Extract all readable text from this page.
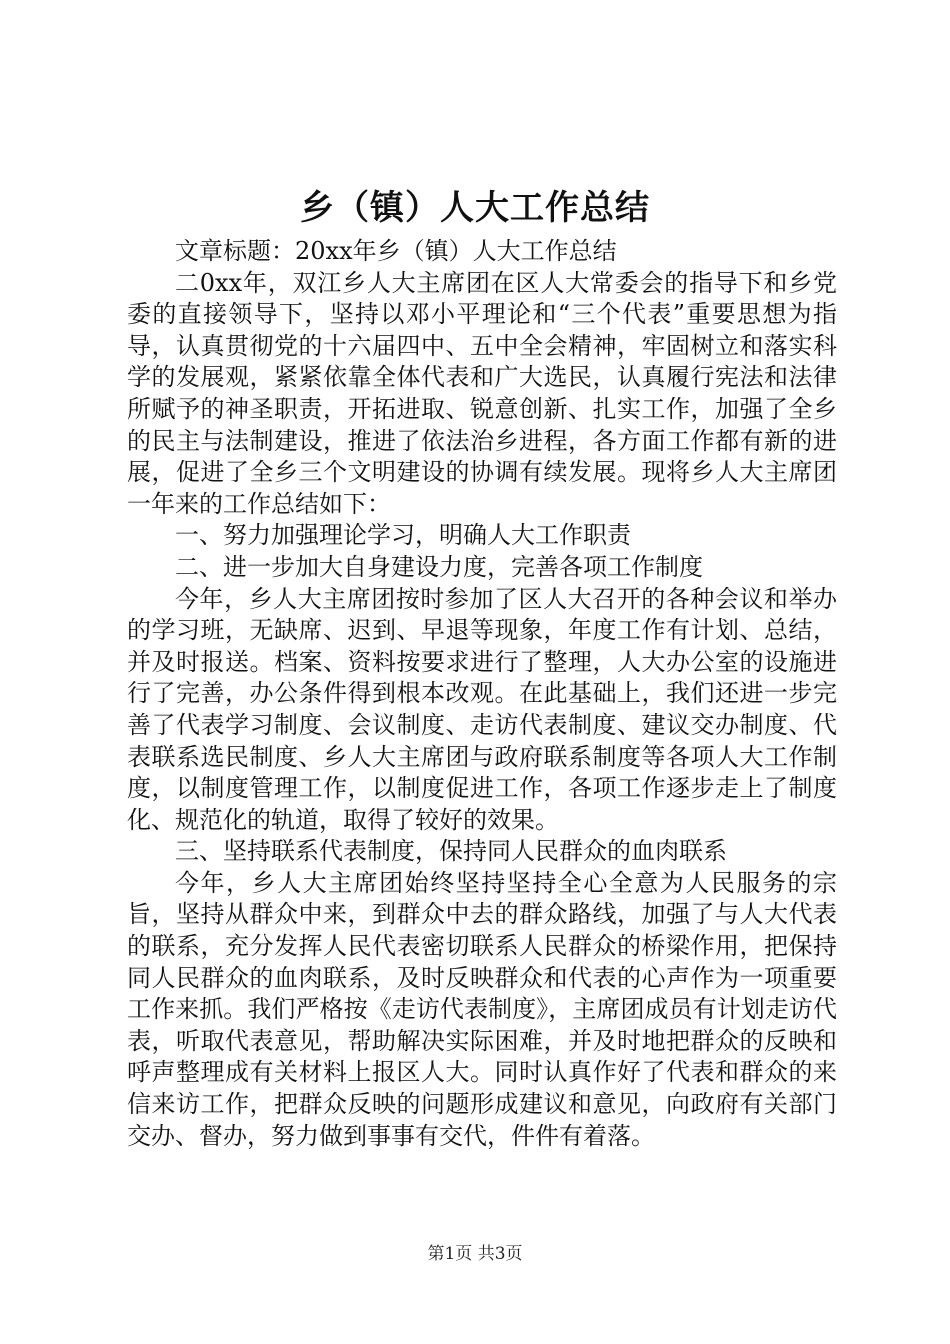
乡（镇）人大工作总结

文章标题：20xx年乡（镇）人大工作总结

二0xx年，双江乡人大主席团在区人大常委会的指导下和乡党委的直接领导下，坚持以邓小平理论和“三个代表”重要思想为指导，认真贯彻党的十六届四中、五中全会精神，牢固树立和落实科学的发展观，紧紧依靠全体代表和广大选民，认真履行宪法和法律所赋予的神圣职责，开拓进取、锐意创新、扎实工作，加强了全乡的民主与法制建设，推进了依法治乡进程，各方面工作都有新的进展，促进了全乡三个文明建设的协调有续发展。现将乡人大主席团一年来的工作总结如下：

一、努力加强理论学习，明确人大工作职责

二、进一步加大自身建设力度，完善各项工作制度

今年，乡人大主席团按时参加了区人大召开的各种会议和举办的学习班，无缺席、迟到、早退等现象，年度工作有计划、总结，并及时报送。档案、资料按要求进行了整理，人大办公室的设施进行了完善，办公条件得到根本改观。在此基础上，我们还进一步完善了代表学习制度、会议制度、走访代表制度、建议交办制度、代表联系选民制度、乡人大主席团与政府联系制度等各项人大工作制度，以制度管理工作，以制度促进工作，各项工作逐步走上了制度化、规范化的轨道，取得了较好的效果。

三、坚持联系代表制度，保持同人民群众的血肉联系

今年，乡人大主席团始终坚持坚持全心全意为人民服务的宗旨，坚持从群众中来，到群众中去的群众路线，加强了与人大代表的联系，充分发挥人民代表密切联系人民群众的桥梁作用，把保持同人民群众的血肉联系，及时反映群众和代表的心声作为一项重要工作来抓。我们严格按《走访代表制度》，主席团成员有计划走访代表，听取代表意见，帮助解决实际困难，并及时地把群众的反映和呼声整理成有关材料上报区人大。同时认真作好了代表和群众的来信来访工作，把群众反映的问题形成建议和意见，向政府有关部门交办、督办，努力做到事事有交代，件件有着落。

第1页 共3页
